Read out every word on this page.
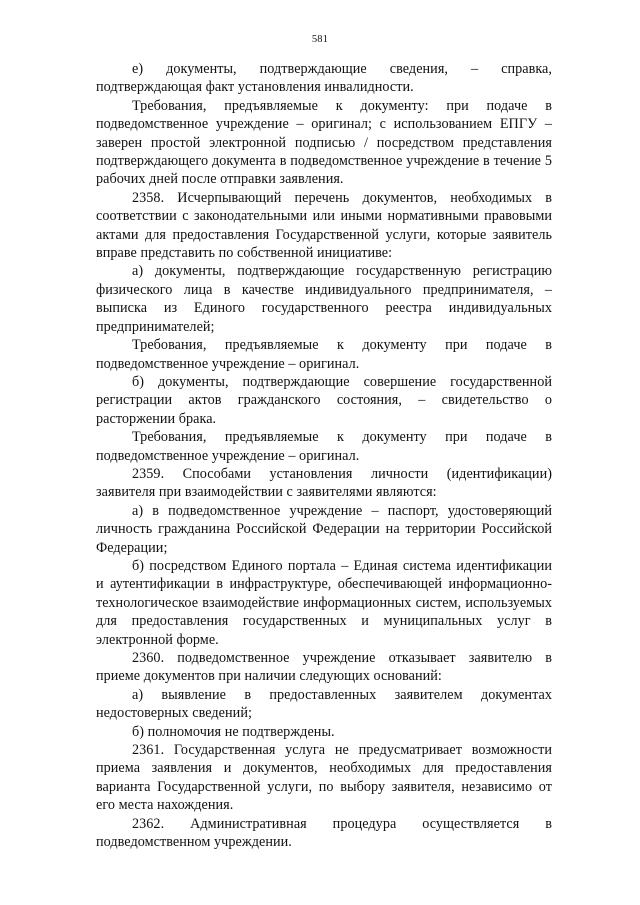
581

е) документы, подтверждающие сведения, – справка, подтверждающая факт установления инвалидности.

Требования, предъявляемые к документу: при подаче в подведомственное учреждение – оригинал; с использованием ЕПГУ – заверен простой электронной подписью / посредством представления подтверждающего документа в подведомственное учреждение в течение 5 рабочих дней после отправки заявления.

2358. Исчерпывающий перечень документов, необходимых в соответствии с законодательными или иными нормативными правовыми актами для предоставления Государственной услуги, которые заявитель вправе представить по собственной инициативе:

а) документы, подтверждающие государственную регистрацию физического лица в качестве индивидуального предпринимателя, – выписка из Единого государственного реестра индивидуальных предпринимателей;

Требования, предъявляемые к документу при подаче в подведомственное учреждение – оригинал.

б) документы, подтверждающие совершение государственной регистрации актов гражданского состояния, – свидетельство о расторжении брака.

Требования, предъявляемые к документу при подаче в подведомственное учреждение – оригинал.

2359. Способами установления личности (идентификации) заявителя при взаимодействии с заявителями являются:

а) в подведомственное учреждение – паспорт, удостоверяющий личность гражданина Российской Федерации на территории Российской Федерации;

б) посредством Единого портала – Единая система идентификации и аутентификации в инфраструктуре, обеспечивающей информационно-технологическое взаимодействие информационных систем, используемых для предоставления государственных и муниципальных услуг в электронной форме.

2360. подведомственное учреждение отказывает заявителю в приеме документов при наличии следующих оснований:

а) выявление в предоставленных заявителем документах недостоверных сведений;

б) полномочия не подтверждены.

2361. Государственная услуга не предусматривает возможности приема заявления и документов, необходимых для предоставления варианта Государственной услуги, по выбору заявителя, независимо от его места нахождения.

2362. Административная процедура осуществляется в подведомственном учреждении.
